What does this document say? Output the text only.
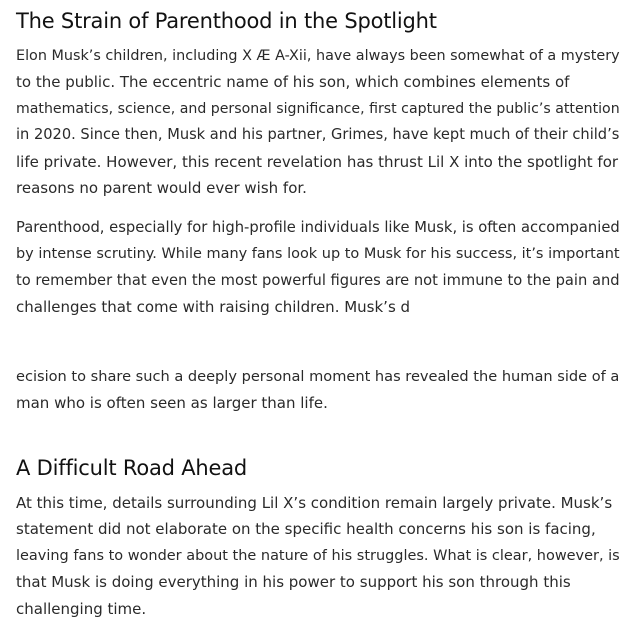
The Strain of Parenthood in the Spotlight

Elon Musk’s children, including X Æ A-Xii, have always been somewhat of a mystery
to the public. The eccentric name of his son, which combines elements of
mathematics, science, and personal significance, first captured the public’s attention
in 2020. Since then, Musk and his partner, Grimes, have kept much of their child’s
life private. However, this recent revelation has thrust Lil X into the spotlight for
reasons no parent would ever wish for.

Parenthood, especially for high-profile individuals like Musk, is often accompanied
by intense scrutiny. While many fans look up to Musk for his success, it’s important
to remember that even the most powerful figures are not immune to the pain and
challenges that come with raising children. Musk’s d

ecision to share such a deeply personal moment has revealed the human side of a
man who is often seen as larger than life.

A Difficult Road Ahead

At this time, details surrounding Lil X’s condition remain largely private. Musk’s
statement did not elaborate on the specific health concerns his son is facing,
leaving fans to wonder about the nature of his struggles. What is clear, however, is
that Musk is doing everything in his power to support his son through this
challenging time.
